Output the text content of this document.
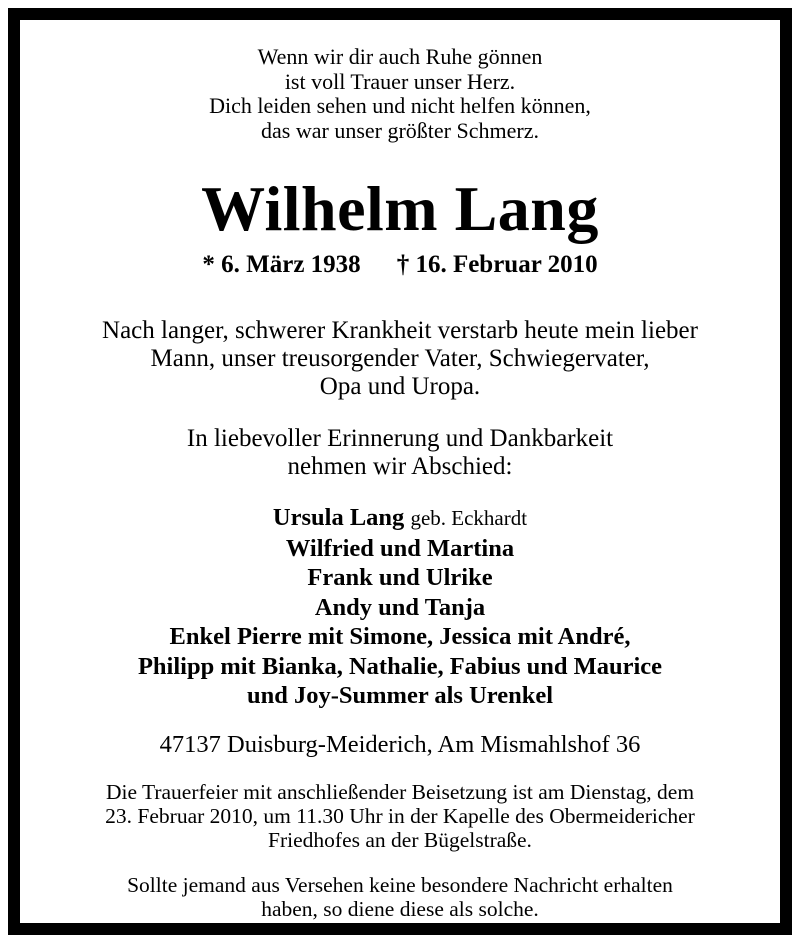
Wenn wir dir auch Ruhe gönnen
ist voll Trauer unser Herz.
Dich leiden sehen und nicht helfen können,
das war unser größter Schmerz.
Wilhelm Lang
* 6. März 1938 † 16. Februar 2010
Nach langer, schwerer Krankheit verstarb heute mein lieber
Mann, unser treusorgender Vater, Schwiegervater,
Opa und Uropa.
In liebevoller Erinnerung und Dankbarkeit
nehmen wir Abschied:
Ursula Lang geb. Eckhardt
Wilfried und Martina
Frank und Ulrike
Andy und Tanja
Enkel Pierre mit Simone, Jessica mit André,
Philipp mit Bianka, Nathalie, Fabius und Maurice
und Joy-Summer als Urenkel
47137 Duisburg-Meiderich, Am Mismahlshof 36
Die Trauerfeier mit anschließender Beisetzung ist am Dienstag, dem
23. Februar 2010, um 11.30 Uhr in der Kapelle des Obermeidericher
Friedhofes an der Bügelstraße.
Sollte jemand aus Versehen keine besondere Nachricht erhalten
haben, so diene diese als solche.
